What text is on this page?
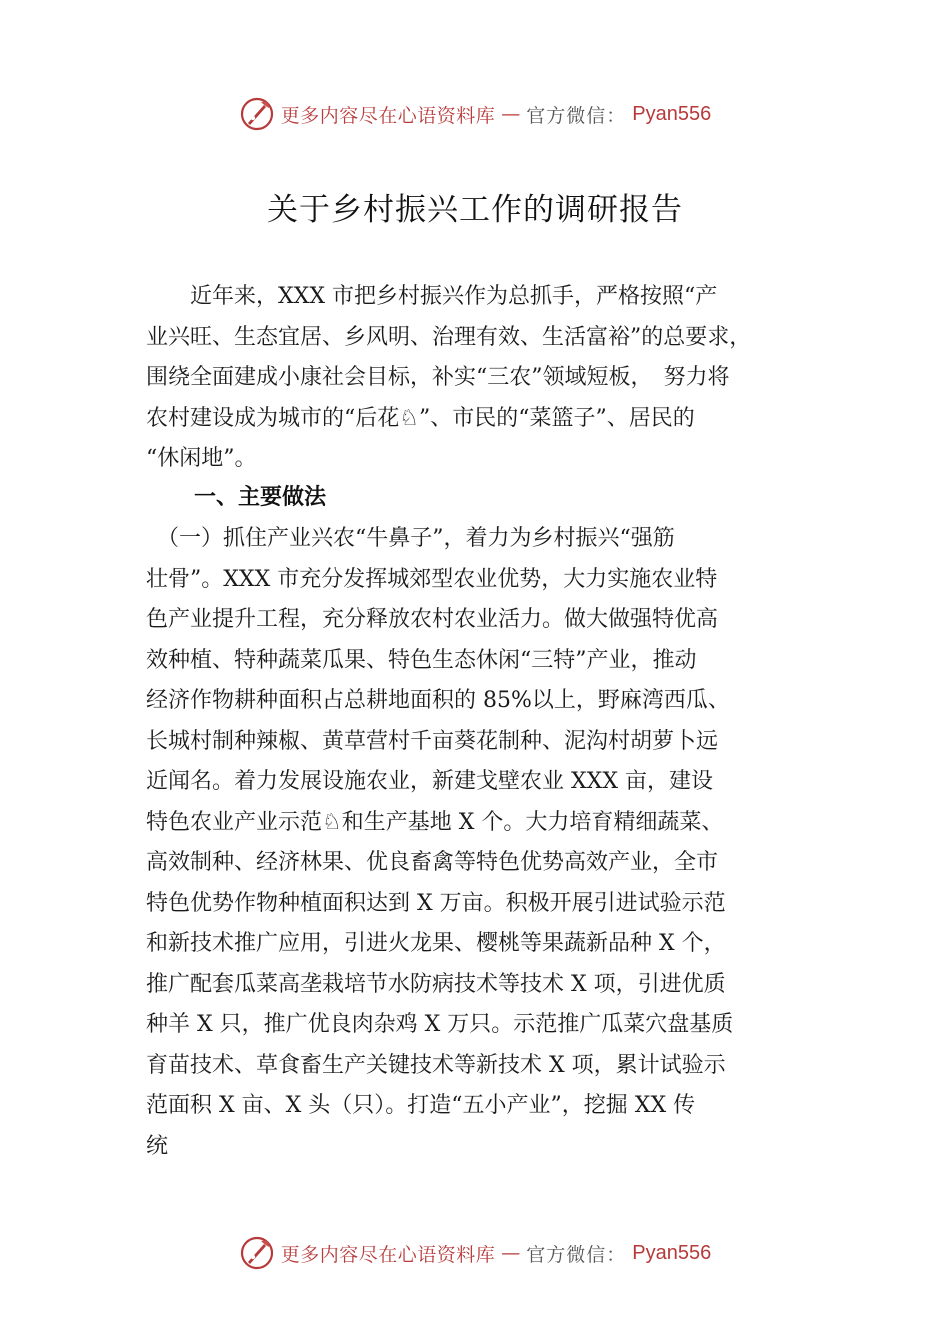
更多内容尽在心语资料库 — 官方微信： Pyan556
关于乡村振兴工作的调研报告
　　近年来，XXX 市把乡村振兴作为总抓手，严格按照“产
业兴旺、生态宜居、乡风明、治理有效、生活富裕”的总要求，
围绕全面建成小康社会目标，补实“三农”领域短板，　努力将
农村建设成为城市的“后花♘”、市民的“菜篮子”、居民的
“休闲地”。
一、主要做法
　（一）抓住产业兴农“牛鼻子”，着力为乡村振兴“强筋
壮骨”。XXX 市充分发挥城郊型农业优势，大力实施农业特
色产业提升工程，充分释放农村农业活力。做大做强特优高
效种植、特种蔬菜瓜果、特色生态休闲“三特”产业，推动
经济作物耕种面积占总耕地面积的 85%以上，野麻湾西瓜、
长城村制种辣椒、黄草营村千亩葵花制种、泥沟村胡萝卜远
近闻名。着力发展设施农业，新建戈壁农业 XXX 亩，建设
特色农业产业示范♘和生产基地 X 个。大力培育精细蔬菜、
高效制种、经济林果、优良畜禽等特色优势高效产业，全市
特色优势作物种植面积达到 X 万亩。积极开展引进试验示范
和新技术推广应用，引进火龙果、樱桃等果蔬新品种 X 个，
推广配套瓜菜高垄栽培节水防病技术等技术 X 项，引进优质
种羊 X 只，推广优良肉杂鸡 X 万只。示范推广瓜菜穴盘基质
育苗技术、草食畜生产关键技术等新技术 X 项，累计试验示
范面积 X 亩、X 头（只）。打造“五小产业”，挖掘 XX 传
统
更多内容尽在心语资料库 — 官方微信： Pyan556
